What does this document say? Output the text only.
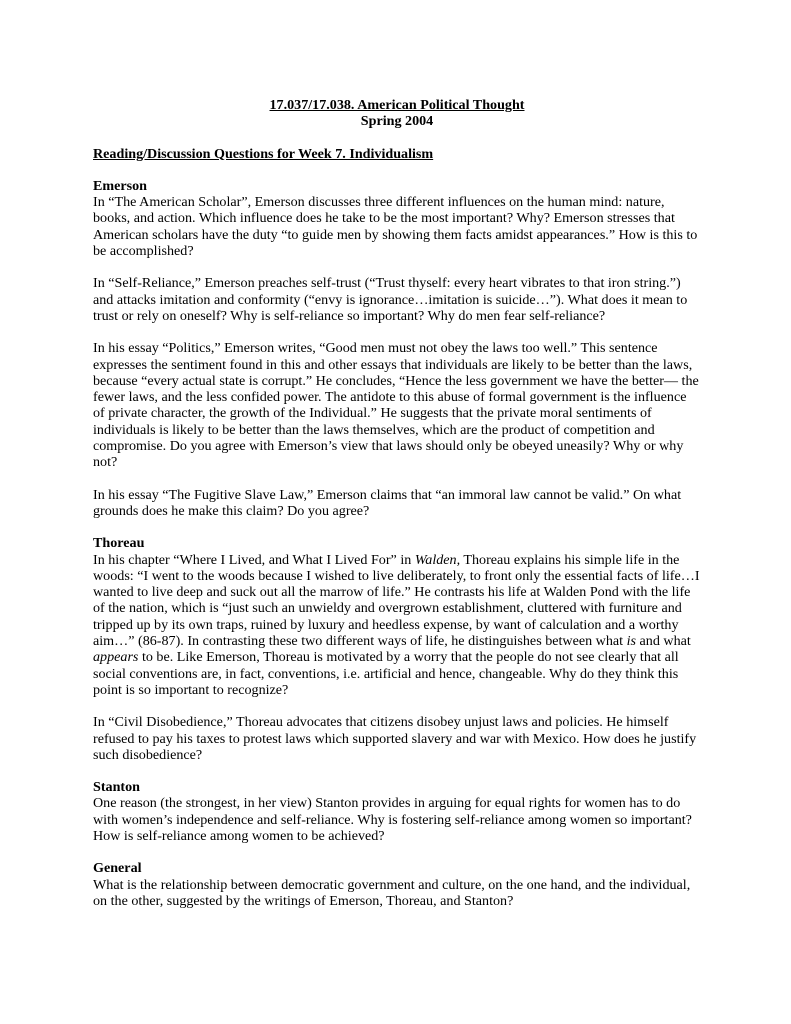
17.037/17.038. American Political Thought
Spring 2004
Reading/Discussion Questions for Week 7. Individualism
Emerson

In “The American Scholar”, Emerson discusses three different influences on the human mind: nature, books, and action. Which influence does he take to be the most important? Why? Emerson stresses that American scholars have the duty “to guide men by showing them facts amidst appearances.” How is this to be accomplished?

In “Self-Reliance,” Emerson preaches self-trust (“Trust thyself: every heart vibrates to that iron string.”) and attacks imitation and conformity (“envy is ignorance…imitation is suicide…”). What does it mean to trust or rely on oneself? Why is self-reliance so important? Why do men fear self-reliance?

In his essay “Politics,” Emerson writes, “Good men must not obey the laws too well.” This sentence expresses the sentiment found in this and other essays that individuals are likely to be better than the laws, because “every actual state is corrupt.” He concludes, “Hence the less government we have the better— the fewer laws, and the less confided power. The antidote to this abuse of formal government is the influence of private character, the growth of the Individual.” He suggests that the private moral sentiments of individuals is likely to be better than the laws themselves, which are the product of competition and compromise. Do you agree with Emerson’s view that laws should only be obeyed uneasily? Why or why not?

In his essay “The Fugitive Slave Law,” Emerson claims that “an immoral law cannot be valid.” On what grounds does he make this claim? Do you agree?

Thoreau

In his chapter “Where I Lived, and What I Lived For” in Walden, Thoreau explains his simple life in the woods: “I went to the woods because I wished to live deliberately, to front only the essential facts of life…I wanted to live deep and suck out all the marrow of life.” He contrasts his life at Walden Pond with the life of the nation, which is “just such an unwieldy and overgrown establishment, cluttered with furniture and tripped up by its own traps, ruined by luxury and heedless expense, by want of calculation and a worthy aim…” (86-87). In contrasting these two different ways of life, he distinguishes between what is and what appears to be. Like Emerson, Thoreau is motivated by a worry that the people do not see clearly that all social conventions are, in fact, conventions, i.e. artificial and hence, changeable. Why do they think this point is so important to recognize?

In “Civil Disobedience,” Thoreau advocates that citizens disobey unjust laws and policies. He himself refused to pay his taxes to protest laws which supported slavery and war with Mexico. How does he justify such disobedience?

Stanton

One reason (the strongest, in her view) Stanton provides in arguing for equal rights for women has to do with women’s independence and self-reliance. Why is fostering self-reliance among women so important? How is self-reliance among women to be achieved?

General

What is the relationship between democratic government and culture, on the one hand, and the individual, on the other, suggested by the writings of Emerson, Thoreau, and Stanton?
